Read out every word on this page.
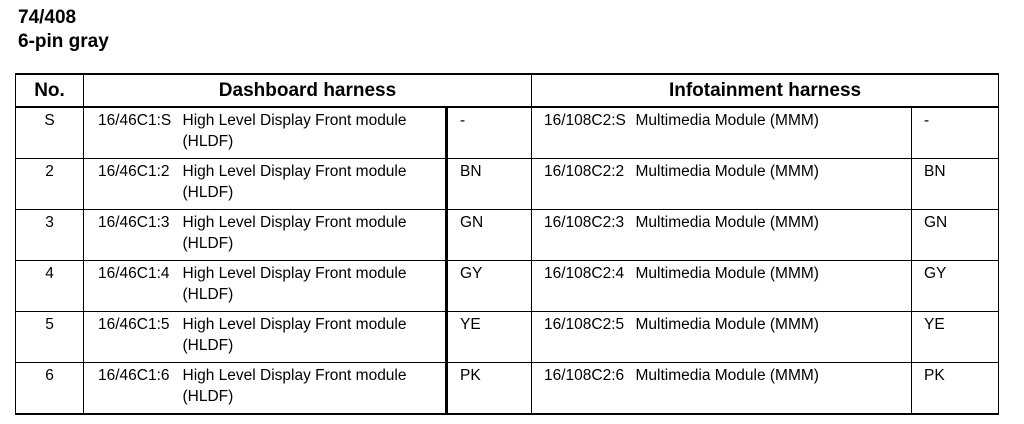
74/408
6-pin gray
No.	Dashboard harness			Infotainment harness		
S	16/46C1:S	High Level Display Front module (HLDF)	-	16/108C2:S	Multimedia Module (MMM)	-
2	16/46C1:2	High Level Display Front module (HLDF)	BN	16/108C2:2	Multimedia Module (MMM)	BN
3	16/46C1:3	High Level Display Front module (HLDF)	GN	16/108C2:3	Multimedia Module (MMM)	GN
4	16/46C1:4	High Level Display Front module (HLDF)	GY	16/108C2:4	Multimedia Module (MMM)	GY
5	16/46C1:5	High Level Display Front module (HLDF)	YE	16/108C2:5	Multimedia Module (MMM)	YE
6	16/46C1:6	High Level Display Front module (HLDF)	PK	16/108C2:6	Multimedia Module (MMM)	PK
